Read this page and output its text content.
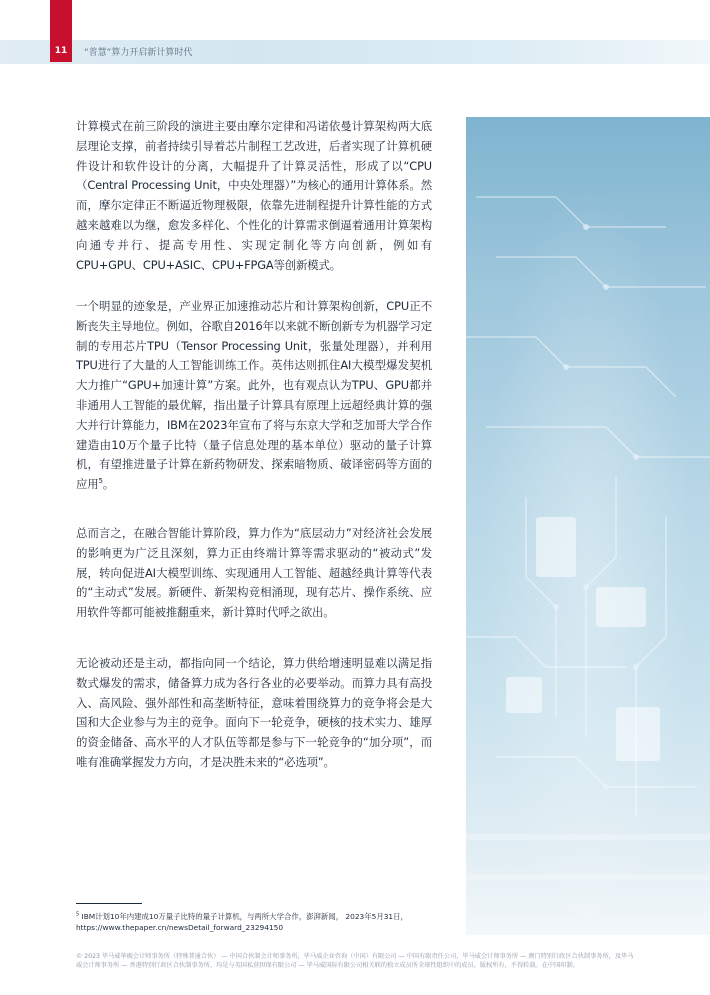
11	“普慧”算力开启新计算时代

计算模式在前三阶段的演进主要由摩尔定律和冯诺依曼计算架构两大底层理论支撑，前者持续引导着芯片制程工艺改进，后者实现了计算机硬件设计和软件设计的分离，大幅提升了计算灵活性，形成了以“CPU（Central Processing Unit，中央处理器）”为核心的通用计算体系。然而，摩尔定律正不断逼近物理极限，依靠先进制程提升计算性能的方式越来越难以为继，愈发多样化、个性化的计算需求倒逼着通用计算架构向通专并行、提高专用性、实现定制化等方向创新，例如有CPU+GPU、CPU+ASIC、CPU+FPGA等创新模式。

一个明显的迹象是，产业界正加速推动芯片和计算架构创新，CPU正不断丧失主导地位。例如，谷歌自2016年以来就不断创新专为机器学习定制的专用芯片TPU（Tensor Processing Unit，张量处理器），并利用TPU进行了大量的人工智能训练工作。英伟达则抓住AI大模型爆发契机大力推广“GPU+加速计算”方案。此外，也有观点认为TPU、GPU都并非通用人工智能的最优解，指出量子计算具有原理上远超经典计算的强大并行计算能力，IBM在2023年宣布了将与东京大学和芝加哥大学合作建造由10万个量子比特（量子信息处理的基本单位）驱动的量子计算机，有望推进量子计算在新药物研发、探索暗物质、破译密码等方面的应用$^5$。

总而言之，在融合智能计算阶段，算力作为“底层动力”对经济社会发展的影响更为广泛且深刻，算力正由终端计算等需求驱动的“被动式”发展，转向促进AI大模型训练、实现通用人工智能、超越经典计算等代表的“主动式”发展。新硬件、新架构竞相涌现，现有芯片、操作系统、应用软件等都可能被推翻重来，新计算时代呼之欲出。

无论被动还是主动，都指向同一个结论，算力供给增速明显难以满足指数式爆发的需求，储备算力成为各行各业的必要举动。而算力具有高投入、高风险、强外部性和高垄断特征，意味着围绕算力的竞争将会是大国和大企业参与为主的竞争。面向下一轮竞争，硬核的技术实力、雄厚的资金储备、高水平的人才队伍等都是参与下一轮竞争的“加分项”，而唯有准确掌握发力方向，才是决胜未来的“必选项”。

$^5$ IBM计划10年内建成10万量子比特的量子计算机，与两所大学合作，澎湃新闻， 2023年5月31日，https://www.thepaper.cn/newsDetail_forward_23294150
© 2023 毕马威华振会计师事务所（特殊普通合伙） — 中国合伙制会计师事务所，毕马威企业咨询（中国）有限公司 — 中国有限责任公司，毕马威会计师事务所 — 澳门特别行政区合伙制事务所，及毕马威会计师事务所 — 香港特别行政区合伙制事务所，均是与英国私营担保有限公司 — 毕马威国际有限公司相关联的独立成员所全球性组织中的成员。版权所有，不得转载。在中国印制。
